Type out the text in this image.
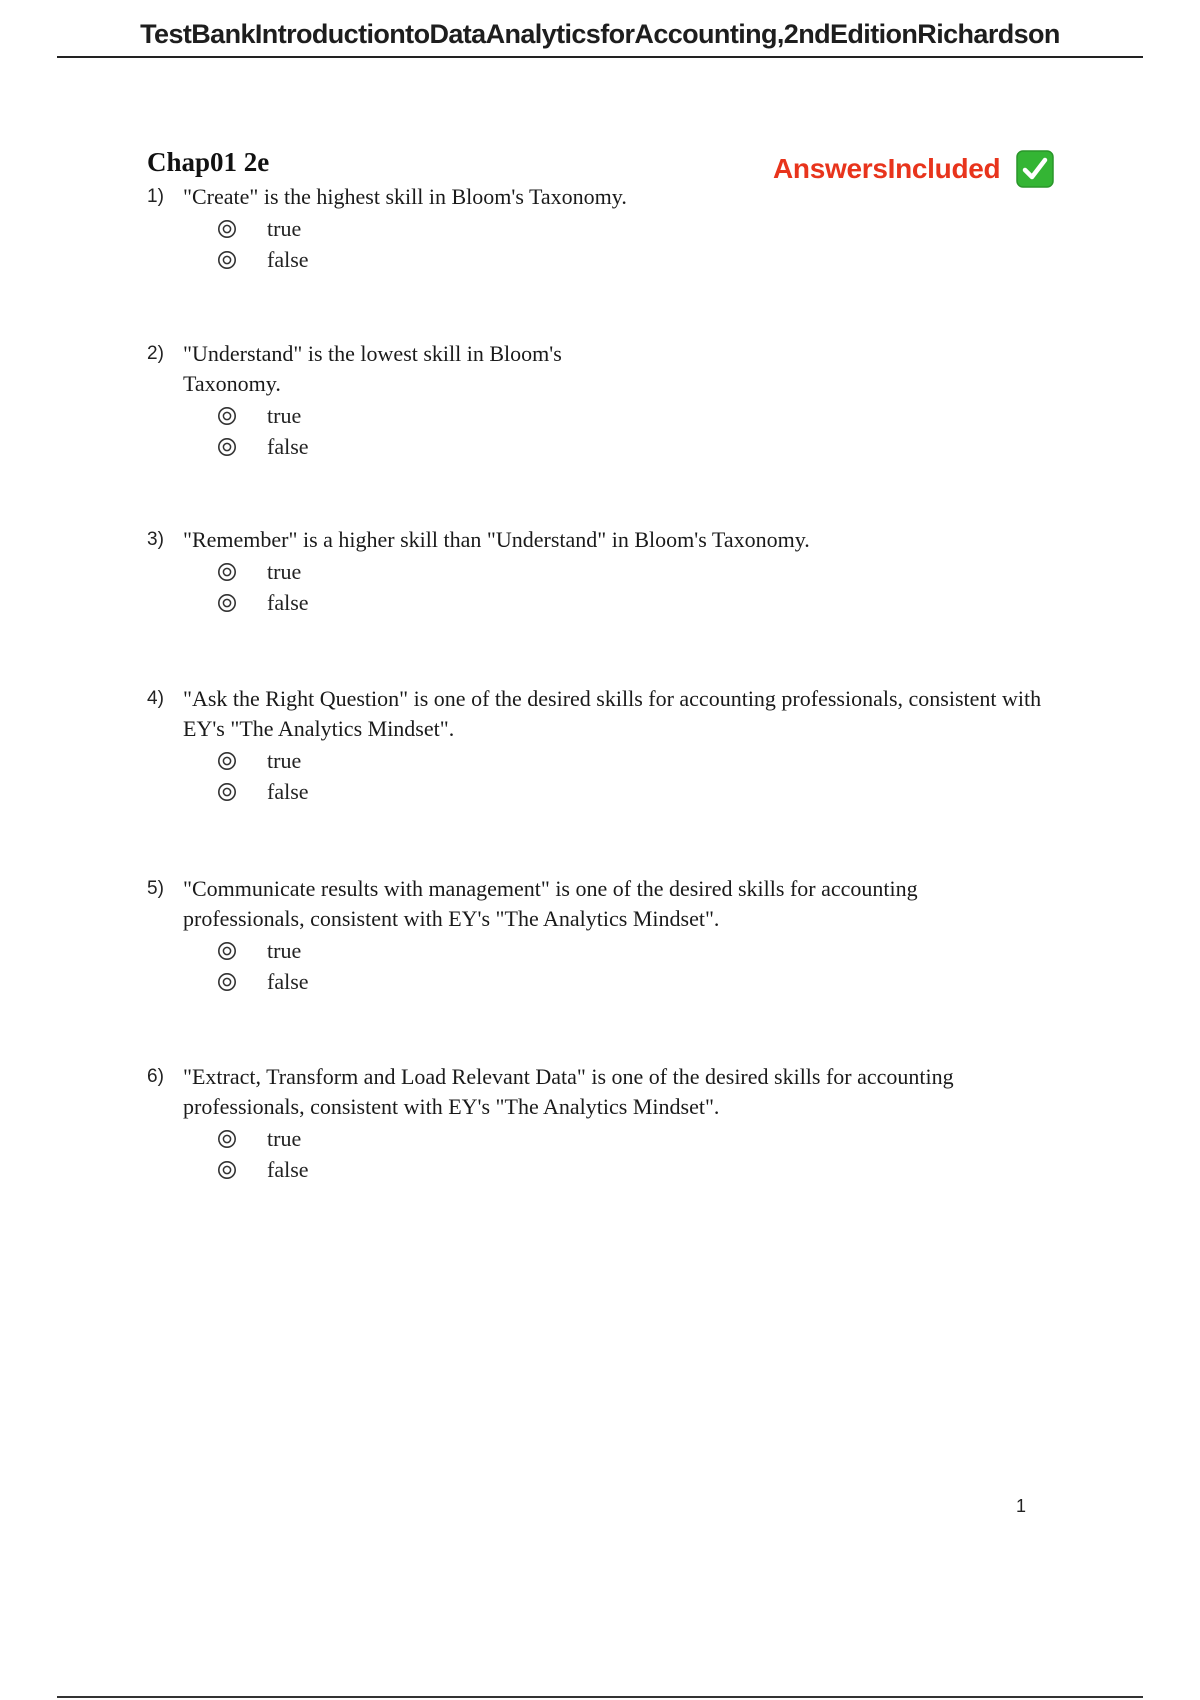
TestBankIntroductiontoDataAnalyticsforAccounting,2ndEditionRichardson
Chap01 2e	AnswersIncluded
1) "Create" is the highest skill in Bloom's Taxonomy.
true
false
2) "Understand" is the lowest skill in Bloom's Taxonomy.
true
false
3) "Remember" is a higher skill than "Understand" in Bloom's Taxonomy.
true
false
4) "Ask the Right Question" is one of the desired skills for accounting professionals, consistent with EY's "The Analytics Mindset".
true
false
5) "Communicate results with management" is one of the desired skills for accounting professionals, consistent with EY's "The Analytics Mindset".
true
false
6) "Extract, Transform and Load Relevant Data" is one of the desired skills for accounting professionals, consistent with EY's "The Analytics Mindset".
true
false
1
